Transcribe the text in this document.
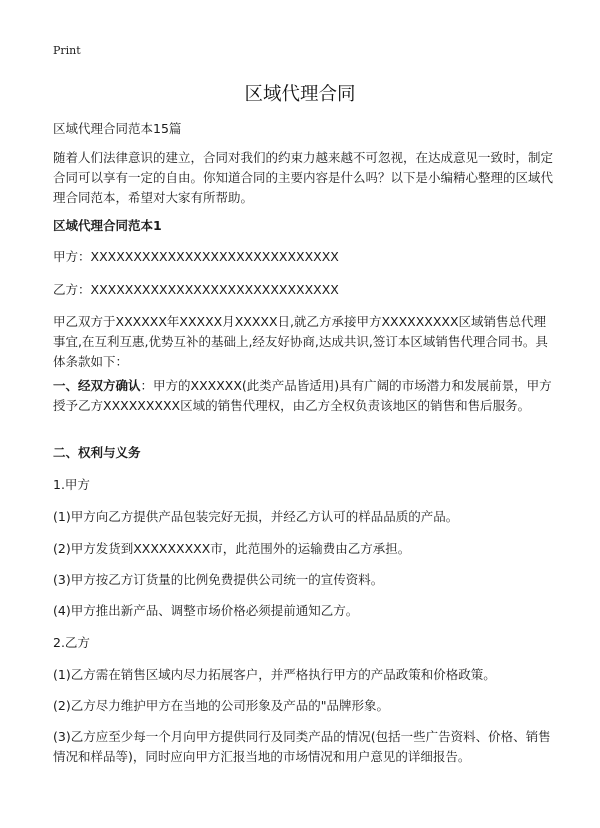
Print
区域代理合同

区域代理合同范本15篇

随着人们法律意识的建立，合同对我们的约束力越来越不可忽视，在达成意见一致时，制定合同可以享有一定的自由。你知道合同的主要内容是什么吗？以下是小编精心整理的区域代理合同范本，希望对大家有所帮助。

区域代理合同范本1

甲方：XXXXXXXXXXXXXXXXXXXXXXXXXXXXX

乙方：XXXXXXXXXXXXXXXXXXXXXXXXXXXXX

甲乙双方于XXXXXX年XXXXX月XXXXX日,就乙方承接甲方XXXXXXXXX区域销售总代理事宜,在互利互惠,优势互补的基础上,经友好协商,达成共识,签订本区域销售代理合同书。具体条款如下：

一、经双方确认：甲方的XXXXXX(此类产品皆适用)具有广阔的市场潜力和发展前景，甲方授予乙方XXXXXXXXX区域的销售代理权，由乙方全权负责该地区的销售和售后服务。

二、权利与义务

1.甲方

(1)甲方向乙方提供产品包装完好无损，并经乙方认可的样品品质的产品。

(2)甲方发货到XXXXXXXXX市，此范围外的运输费由乙方承担。

(3)甲方按乙方订货量的比例免费提供公司统一的宣传资料。

(4)甲方推出新产品、调整市场价格必须提前通知乙方。

2.乙方

(1)乙方需在销售区域内尽力拓展客户，并严格执行甲方的产品政策和价格政策。

(2)乙方尽力维护甲方在当地的公司形象及产品的"品牌形象。

(3)乙方应至少每一个月向甲方提供同行及同类产品的情况(包括一些广告资料、价格、销售情况和样品等)，同时应向甲方汇报当地的市场情况和用户意见的详细报告。
